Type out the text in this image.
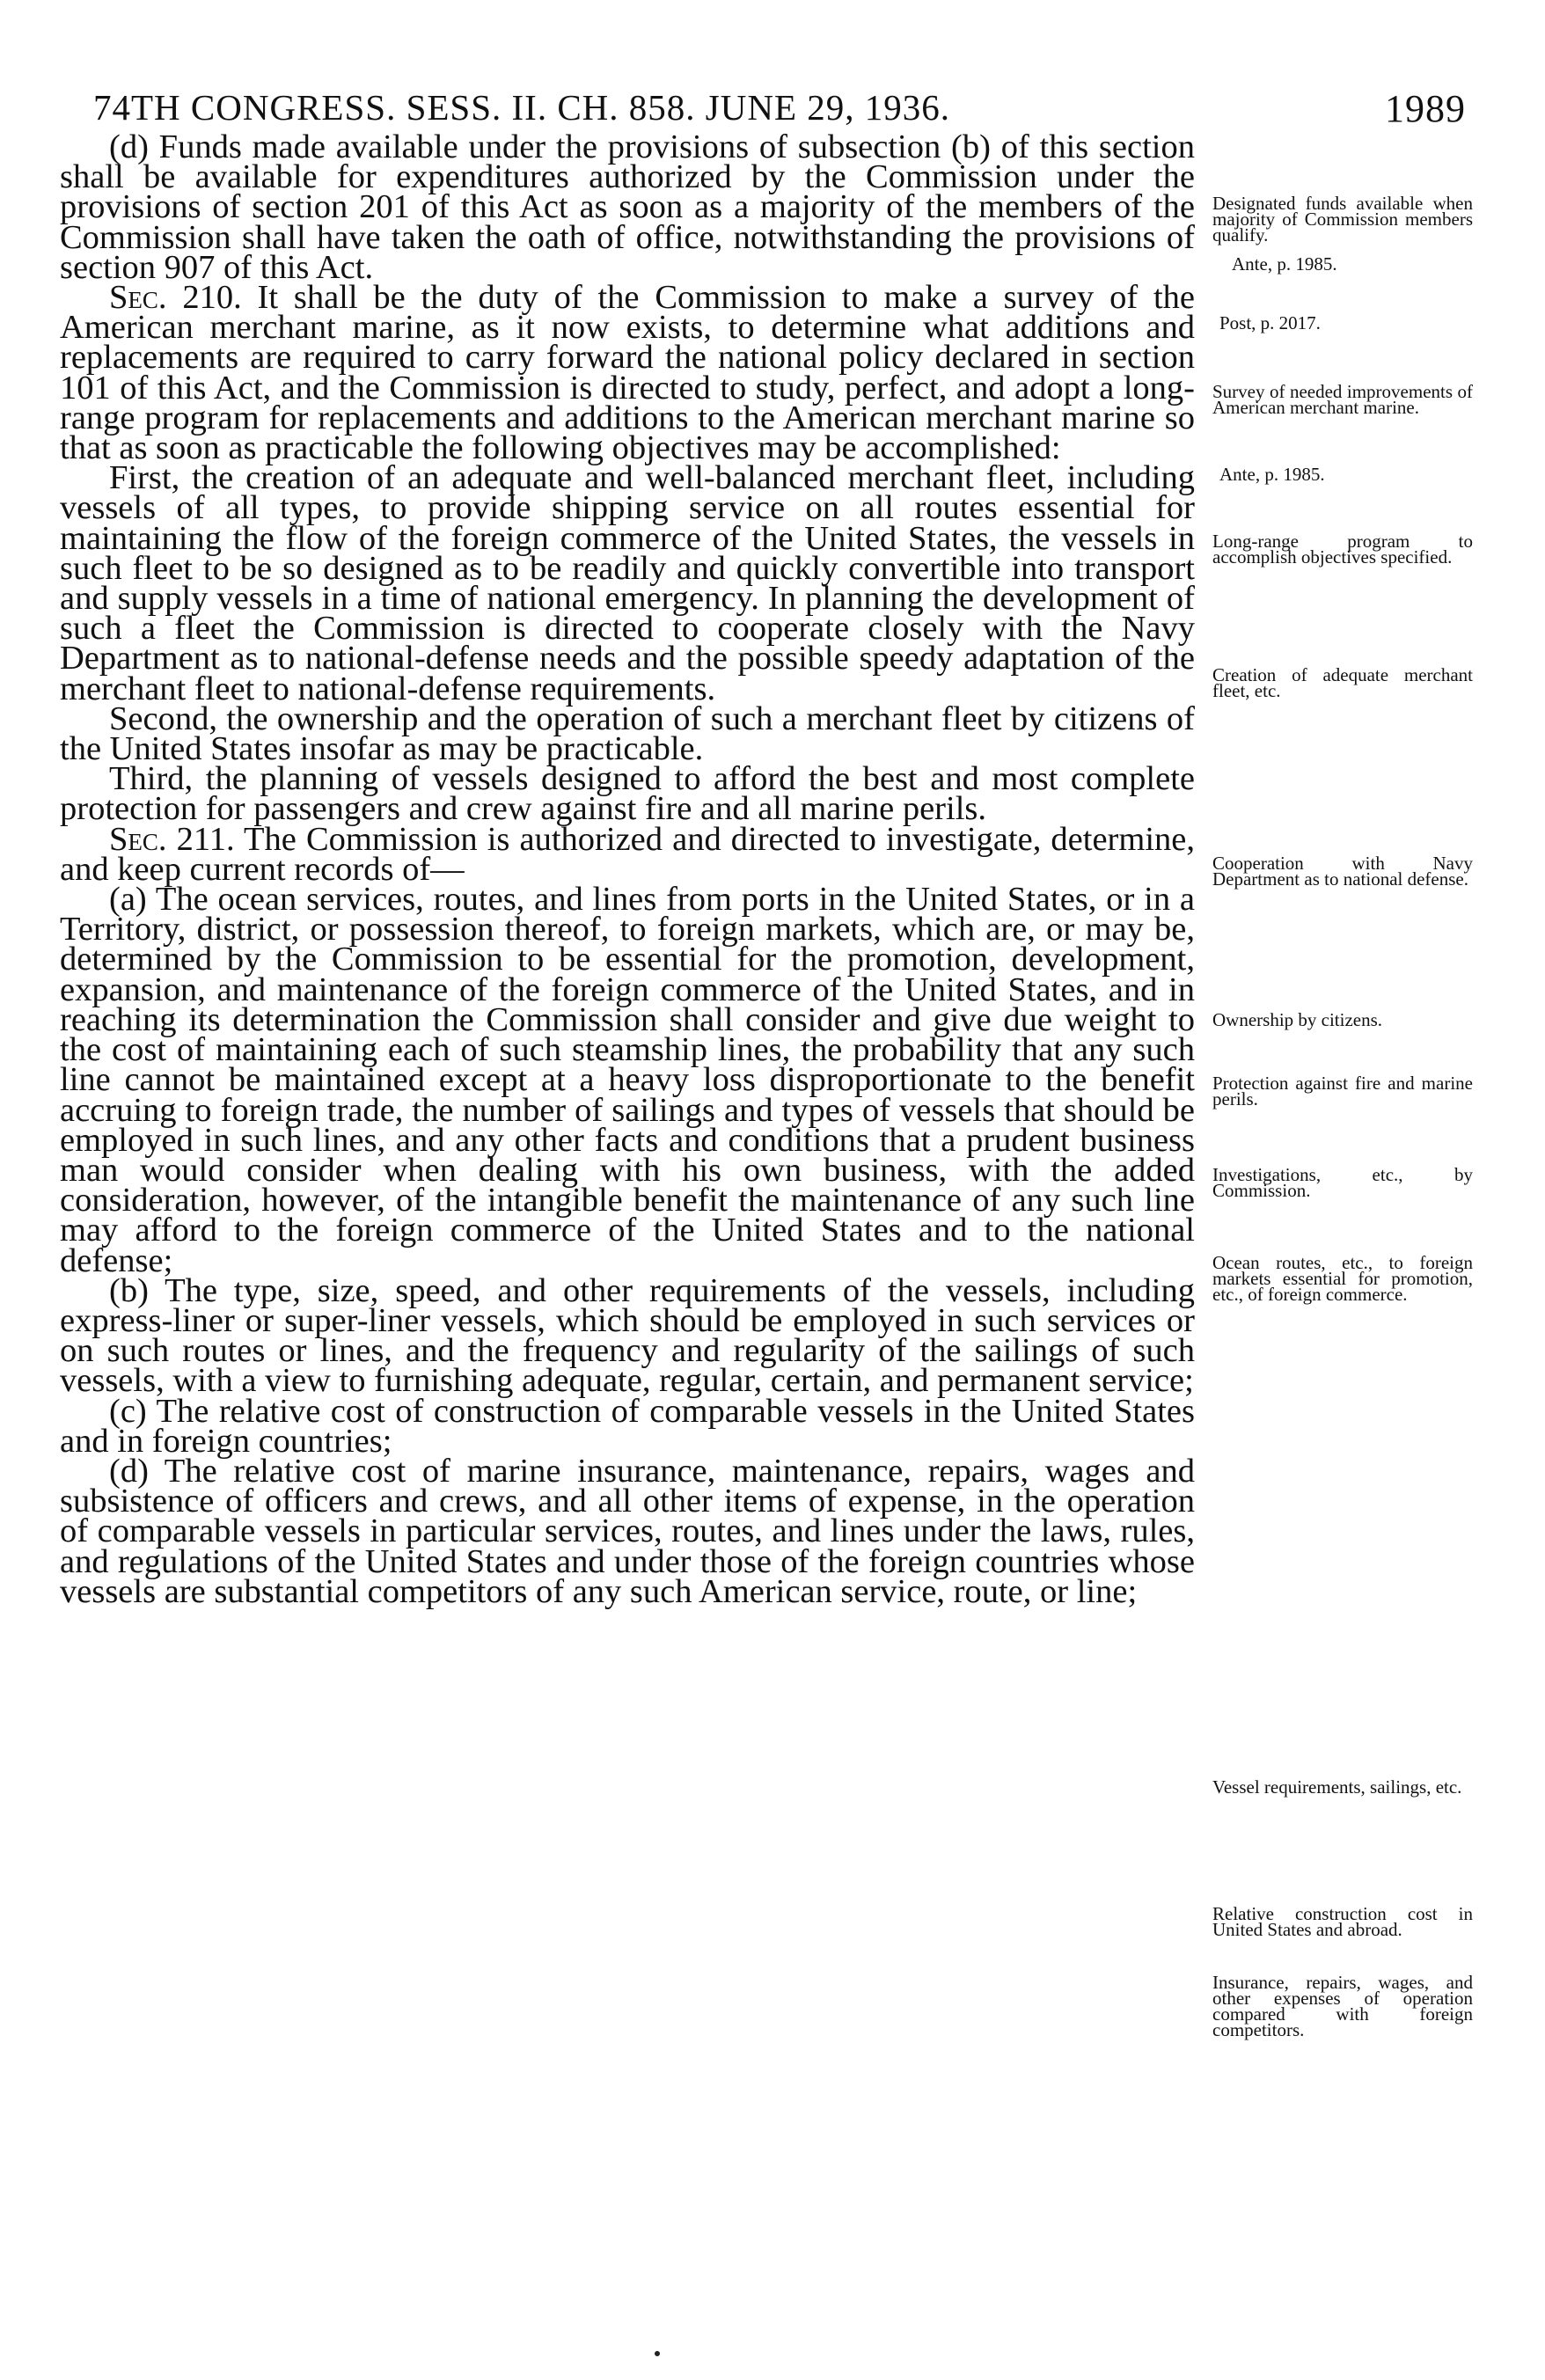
74TH CONGRESS. SESS. II. CH. 858. JUNE 29, 1936.	1989

(d) Funds made available under the provisions of subsection (b) of this section shall be available for expenditures authorized by the Commission under the provisions of section 201 of this Act as soon as a majority of the members of the Commission shall have taken the oath of office, notwithstanding the provisions of section 907 of this Act.

Sec. 210. It shall be the duty of the Commission to make a survey of the American merchant marine, as it now exists, to determine what additions and replacements are required to carry forward the national policy declared in section 101 of this Act, and the Commission is directed to study, perfect, and adopt a long-range program for replacements and additions to the American merchant marine so that as soon as practicable the following objectives may be accomplished:

First, the creation of an adequate and well-balanced merchant fleet, including vessels of all types, to provide shipping service on all routes essential for maintaining the flow of the foreign commerce of the United States, the vessels in such fleet to be so designed as to be readily and quickly convertible into transport and supply vessels in a time of national emergency. In planning the development of such a fleet the Commission is directed to cooperate closely with the Navy Department as to national-defense needs and the possible speedy adaptation of the merchant fleet to national-defense requirements.

Second, the ownership and the operation of such a merchant fleet by citizens of the United States insofar as may be practicable.

Third, the planning of vessels designed to afford the best and most complete protection for passengers and crew against fire and all marine perils.

Sec. 211. The Commission is authorized and directed to investigate, determine, and keep current records of—

(a) The ocean services, routes, and lines from ports in the United States, or in a Territory, district, or possession thereof, to foreign markets, which are, or may be, determined by the Commission to be essential for the promotion, development, expansion, and maintenance of the foreign commerce of the United States, and in reaching its determination the Commission shall consider and give due weight to the cost of maintaining each of such steamship lines, the probability that any such line cannot be maintained except at a heavy loss disproportionate to the benefit accruing to foreign trade, the number of sailings and types of vessels that should be employed in such lines, and any other facts and conditions that a prudent business man would consider when dealing with his own business, with the added consideration, however, of the intangible benefit the maintenance of any such line may afford to the foreign commerce of the United States and to the national defense;

(b) The type, size, speed, and other requirements of the vessels, including express-liner or super-liner vessels, which should be employed in such services or on such routes or lines, and the frequency and regularity of the sailings of such vessels, with a view to furnishing adequate, regular, certain, and permanent service;

(c) The relative cost of construction of comparable vessels in the United States and in foreign countries;

(d) The relative cost of marine insurance, maintenance, repairs, wages and subsistence of officers and crews, and all other items of expense, in the operation of comparable vessels in particular services, routes, and lines under the laws, rules, and regulations of the United States and under those of the foreign countries whose vessels are substantial competitors of any such American service, route, or line;

Designated funds available when majority of Commission members qualify.
Ante, p. 1985.
Post, p. 2017.
Survey of needed improvements of American merchant marine.
Ante, p. 1985.
Long-range program to accomplish objectives specified.
Creation of adequate merchant fleet, etc.
Cooperation with Navy Department as to national defense.
Ownership by citizens.
Protection against fire and marine perils.
Investigations, etc., by Commission.
Ocean routes, etc., to foreign markets essential for promotion, etc., of foreign commerce.
Vessel requirements, sailings, etc.
Relative construction cost in United States and abroad.
Insurance, repairs, wages, and other expenses of operation compared with foreign competitors.
